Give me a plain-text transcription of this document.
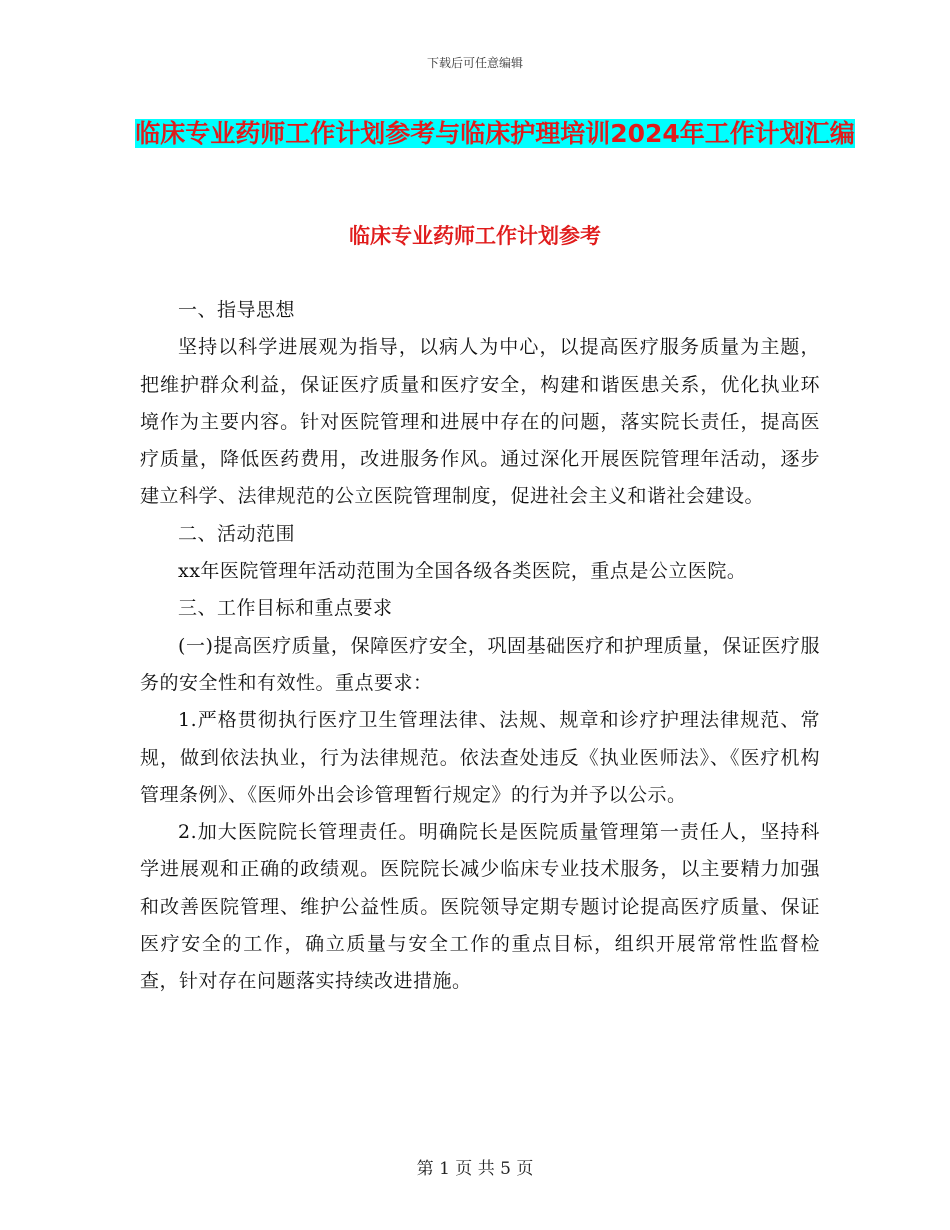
下载后可任意编辑
临床专业药师工作计划参考与临床护理培训2024年工作计划汇编
临床专业药师工作计划参考

一、指导思想

坚持以科学进展观为指导，以病人为中心，以提高医疗服务质量为主题，把维护群众利益，保证医疗质量和医疗安全，构建和谐医患关系，优化执业环境作为主要内容。针对医院管理和进展中存在的问题，落实院长责任，提高医疗质量，降低医药费用，改进服务作风。通过深化开展医院管理年活动，逐步建立科学、法律规范的公立医院管理制度，促进社会主义和谐社会建设。

二、活动范围

xx年医院管理年活动范围为全国各级各类医院，重点是公立医院。

三、工作目标和重点要求

(一)提高医疗质量，保障医疗安全，巩固基础医疗和护理质量，保证医疗服务的安全性和有效性。重点要求：

1.严格贯彻执行医疗卫生管理法律、法规、规章和诊疗护理法律规范、常规，做到依法执业，行为法律规范。依法查处违反《执业医师法》、《医疗机构管理条例》、《医师外出会诊管理暂行规定》的行为并予以公示。

2.加大医院院长管理责任。明确院长是医院质量管理第一责任人，坚持科学进展观和正确的政绩观。医院院长减少临床专业技术服务，以主要精力加强和改善医院管理、维护公益性质。医院领导定期专题讨论提高医疗质量、保证医疗安全的工作，确立质量与安全工作的重点目标，组织开展常常性监督检查，针对存在问题落实持续改进措施。

第 1 页 共 5 页
